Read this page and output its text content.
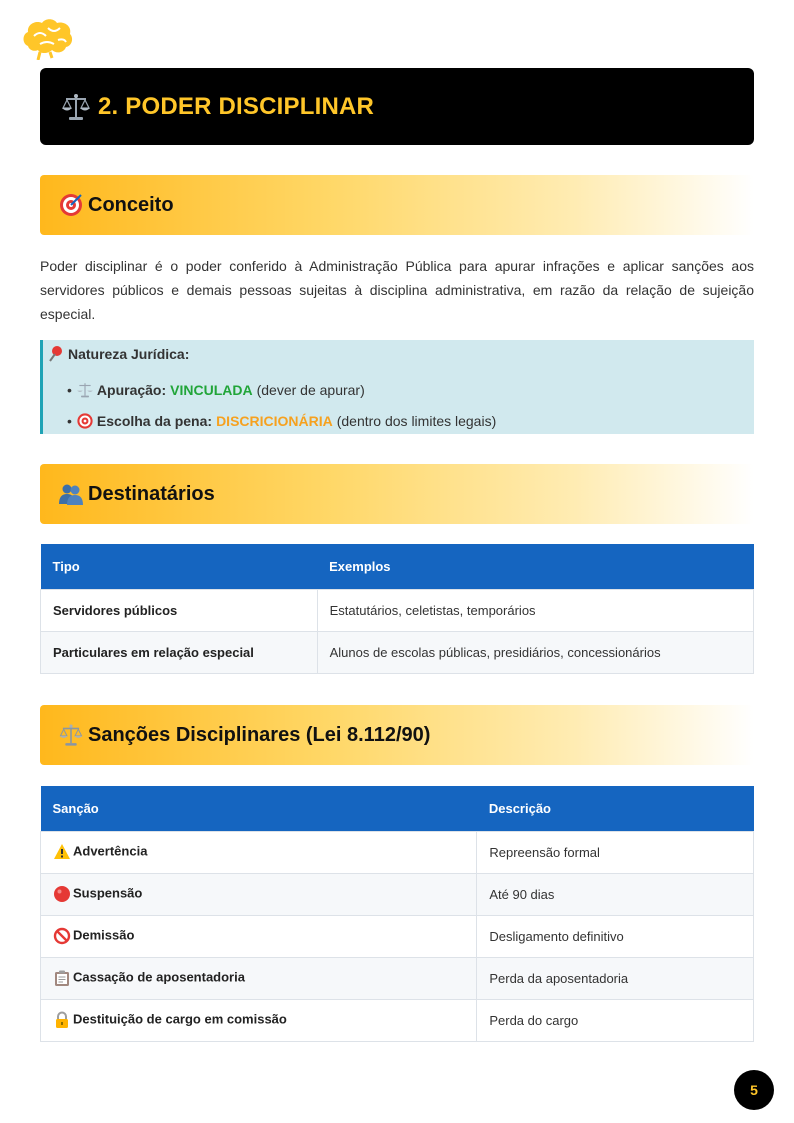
2. PODER DISCIPLINAR
Conceito

Poder disciplinar é o poder conferido à Administração Pública para apurar infrações e aplicar sanções aos servidores públicos e demais pessoas sujeitas à disciplina administrativa, em razão da relação de sujeição especial.

Natureza Jurídica:
• Apuração: VINCULADA (dever de apurar)
• Escolha da pena: DISCRICIONÁRIA (dentro dos limites legais)
Destinatários
Tipo	Exemplos
Servidores públicos	Estatutários, celetistas, temporários
Particulares em relação especial	Alunos de escolas públicas, presidiários, concessionários
Sanções Disciplinares (Lei 8.112/90)
Sanção	Descrição

Advertência	Repreensão formal

Suspensão	Até 90 dias

Demissão	Desligamento definitivo

Cassação de aposentadoria	Perda da aposentadoria

Destituição de cargo em comissão	Perda do cargo
5
